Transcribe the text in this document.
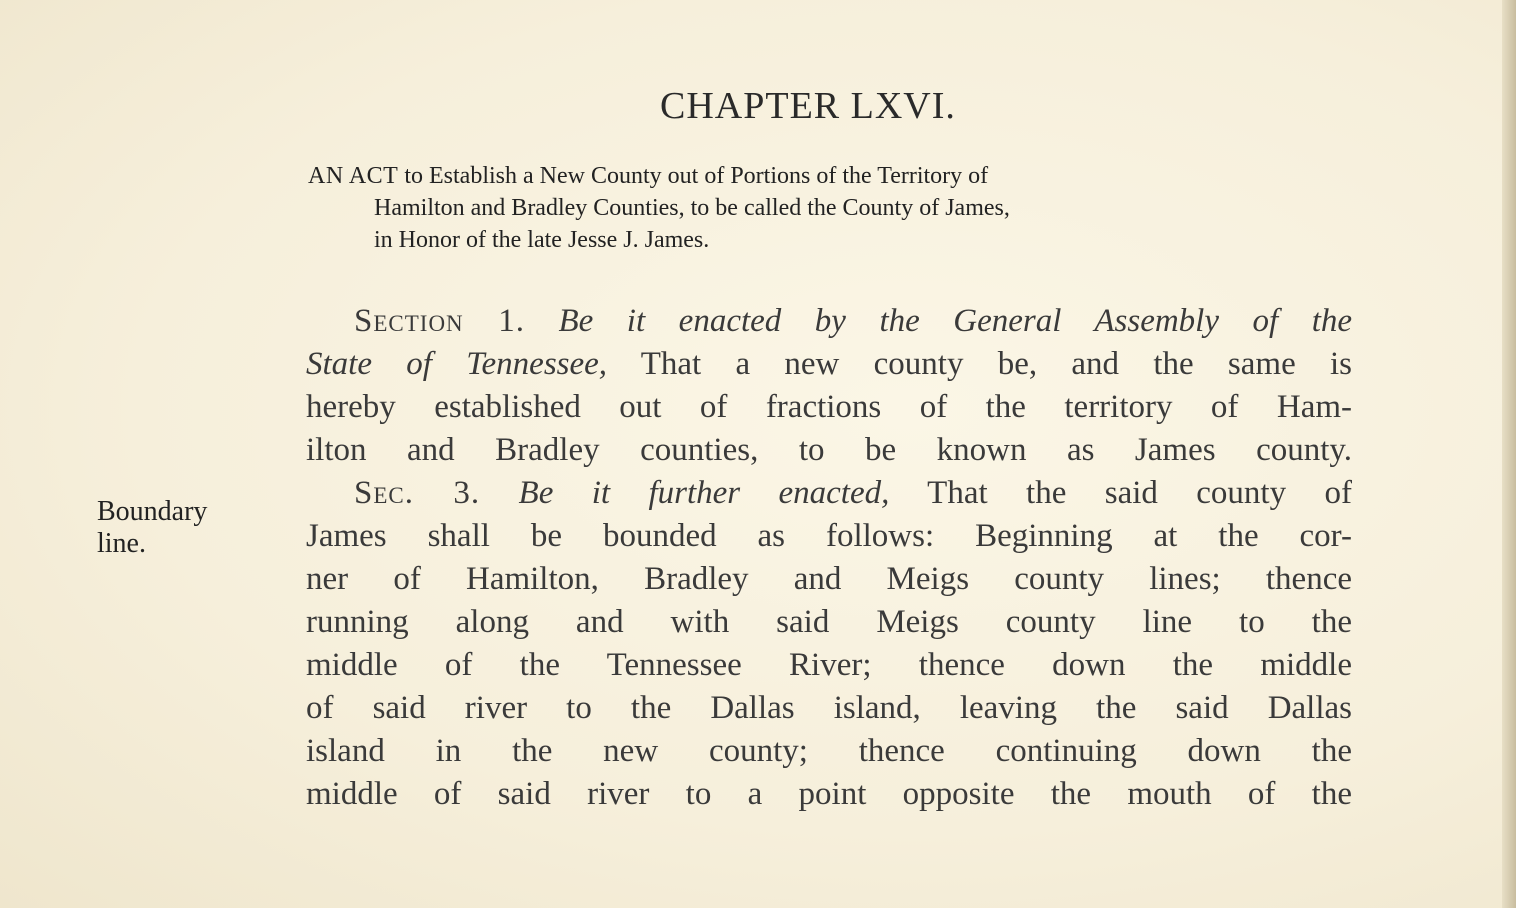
CHAPTER LXVI.
AN ACT to Establish a New County out of Portions of the Territory of
Hamilton and Bradley Counties, to be called the County of James,
in Honor of the late Jesse J. James.
Boundary
line.
Section 1. Be it enacted by the General Assembly of the
State of Tennessee, That a new county be, and the same is
hereby established out of fractions of the territory of Ham-
ilton and Bradley counties, to be known as James county.
Sec. 3. Be it further enacted, That the said county of
James shall be bounded as follows: Beginning at the cor-
ner of Hamilton, Bradley and Meigs county lines; thence
running along and with said Meigs county line to the
middle of the Tennessee River; thence down the middle
of said river to the Dallas island, leaving the said Dallas
island in the new county; thence continuing down the
middle of said river to a point opposite the mouth of the
